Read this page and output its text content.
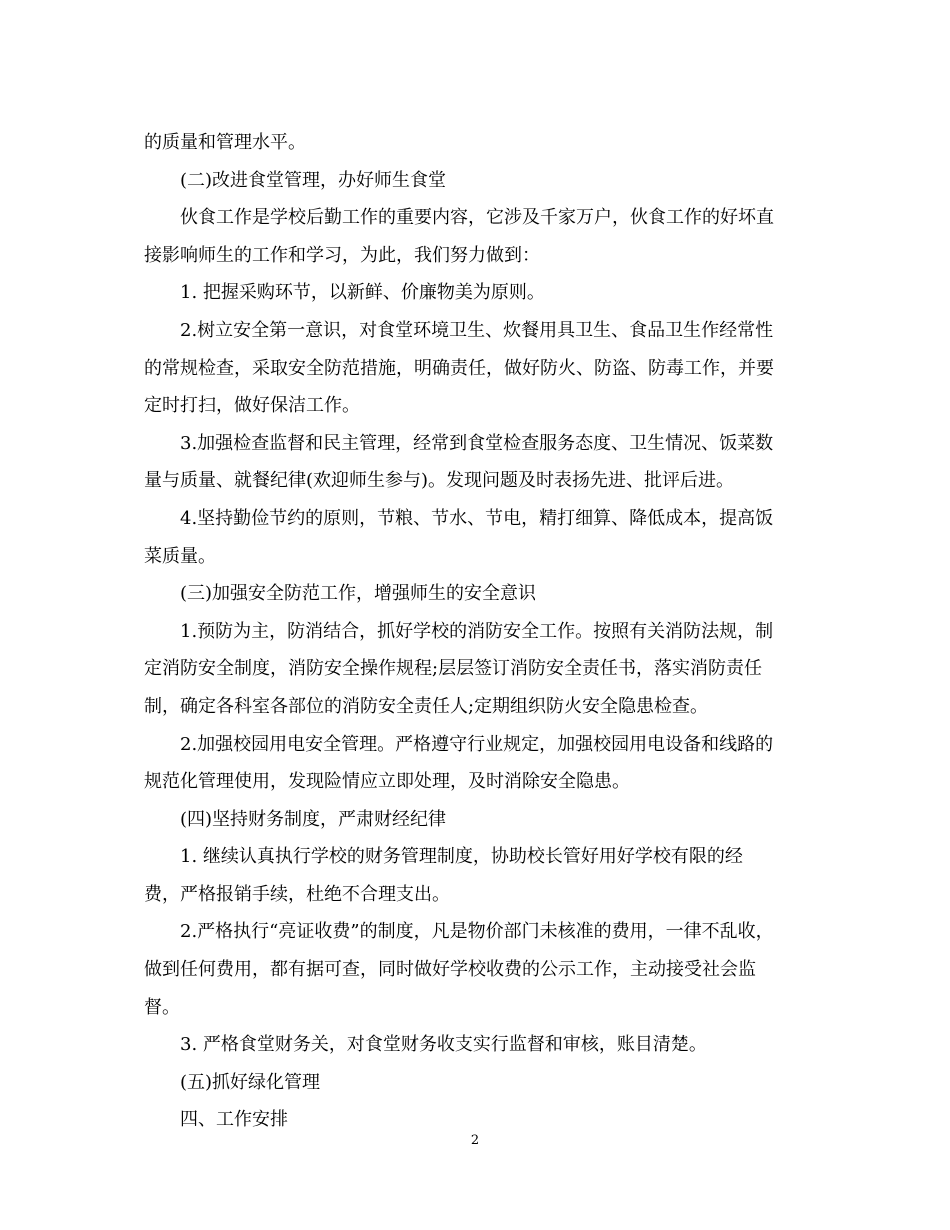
的质量和管理水平。

(二)改进食堂管理，办好师生食堂

伙食工作是学校后勤工作的重要内容，它涉及千家万户，伙食工作的好坏直

接影响师生的工作和学习，为此，我们努力做到：

1. 把握采购环节，以新鲜、价廉物美为原则。

2.树立安全第一意识，对食堂环境卫生、炊餐用具卫生、食品卫生作经常性

的常规检查，采取安全防范措施，明确责任，做好防火、防盗、防毒工作，并要

定时打扫，做好保洁工作。

3.加强检查监督和民主管理，经常到食堂检查服务态度、卫生情况、饭菜数

量与质量、就餐纪律(欢迎师生参与)。发现问题及时表扬先进、批评后进。

4.坚持勤俭节约的原则，节粮、节水、节电，精打细算、降低成本，提高饭

菜质量。

(三)加强安全防范工作，增强师生的安全意识

1.预防为主，防消结合，抓好学校的消防安全工作。按照有关消防法规，制

定消防安全制度，消防安全操作规程;层层签订消防安全责任书，落实消防责任

制，确定各科室各部位的消防安全责任人;定期组织防火安全隐患检查。

2.加强校园用电安全管理。严格遵守行业规定，加强校园用电设备和线路的

规范化管理使用，发现险情应立即处理，及时消除安全隐患。

(四)坚持财务制度，严肃财经纪律

1. 继续认真执行学校的财务管理制度，协助校长管好用好学校有限的经

费，严格报销手续，杜绝不合理支出。

2.严格执行“亮证收费”的制度，凡是物价部门未核准的费用，一律不乱收，

做到任何费用，都有据可查，同时做好学校收费的公示工作，主动接受社会监

督。

3. 严格食堂财务关，对食堂财务收支实行监督和审核，账目清楚。

(五)抓好绿化管理

四、工作安排

2
